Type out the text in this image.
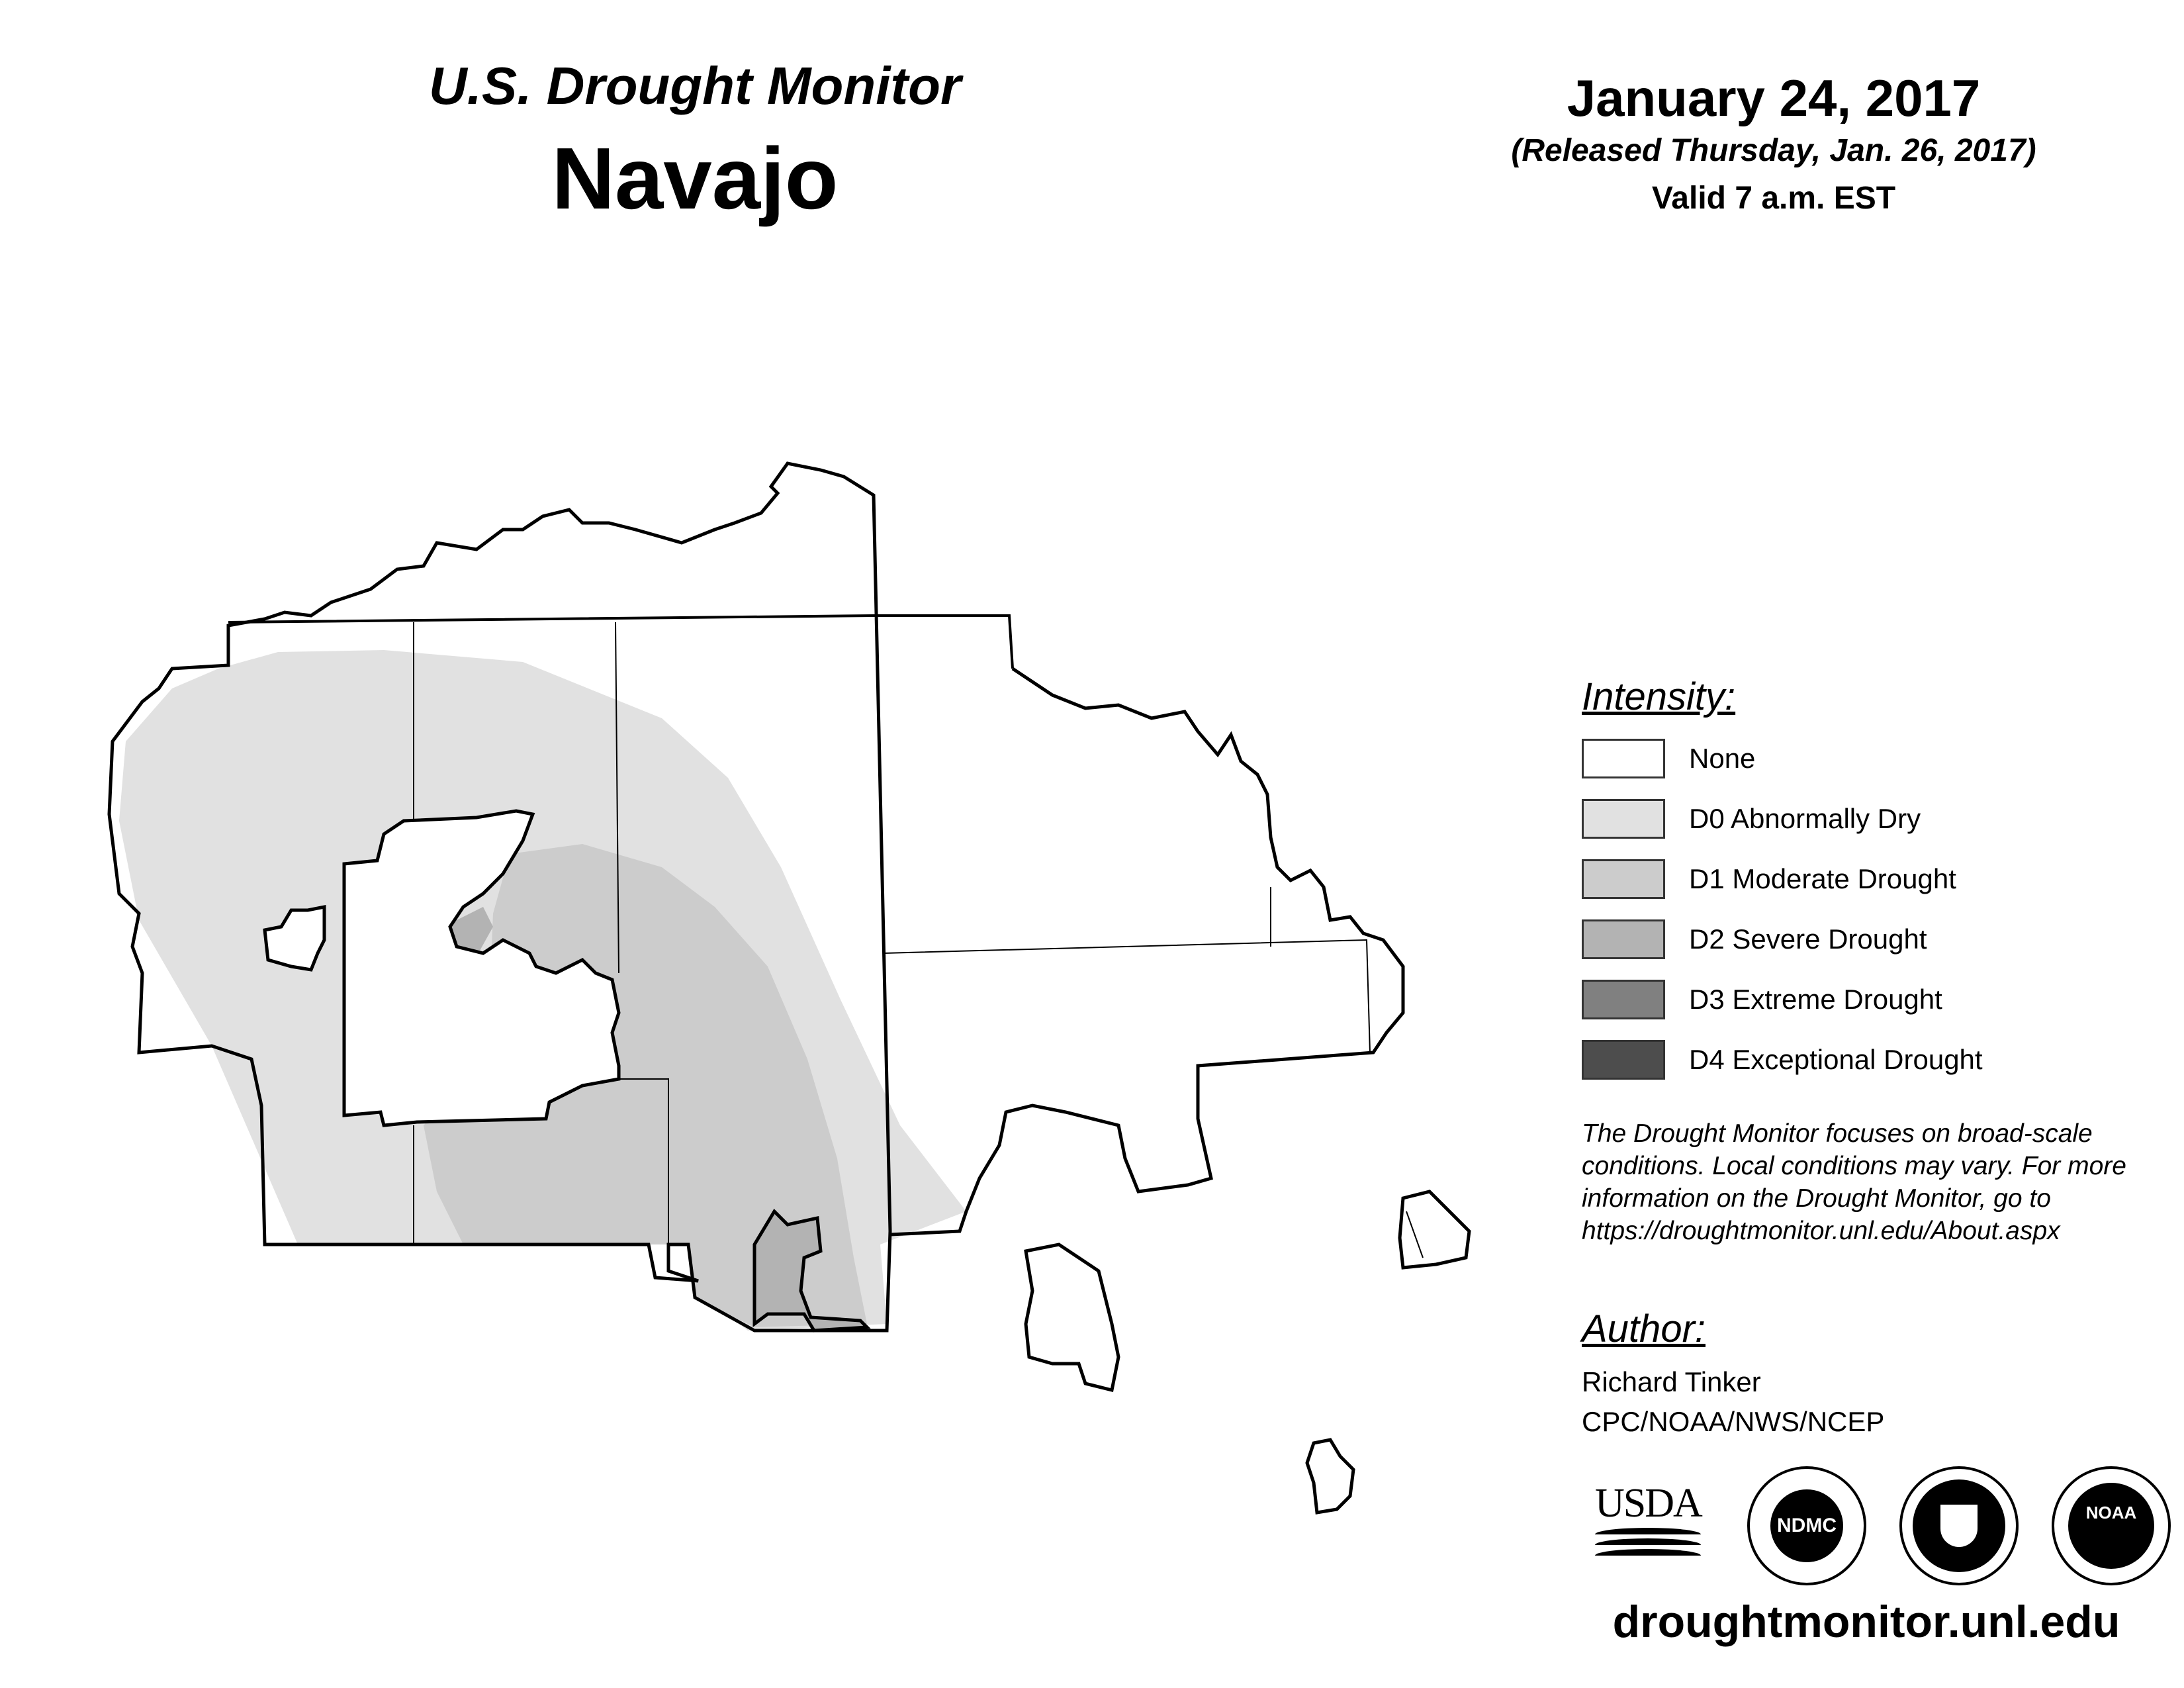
U.S. Drought Monitor
Navajo
January 24, 2017
(Released Thursday, Jan. 26, 2017)
Valid 7 a.m. EST
Intensity:
None
D0 Abnormally Dry
D1 Moderate Drought
D2 Severe Drought
D3 Extreme Drought
D4 Exceptional Drought
The Drought Monitor focuses on broad-scale
conditions. Local conditions may vary. For more
information on the Drought Monitor, go to
https://droughtmonitor.unl.edu/About.aspx
Author:
Richard Tinker
CPC/NOAA/NWS/NCEP
USDA	NDMC
NOAA
droughtmonitor.unl.edu
